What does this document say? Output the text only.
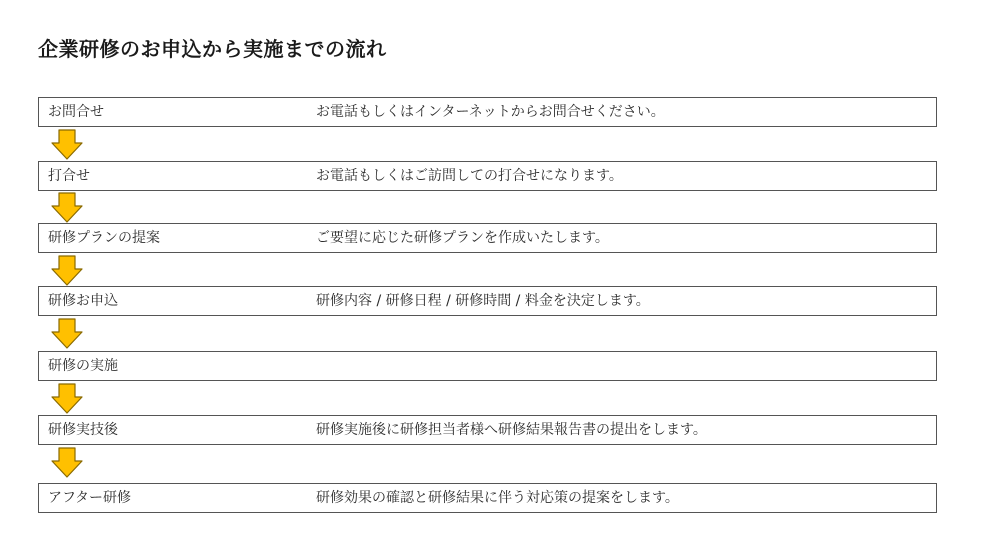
企業研修のお申込から実施までの流れ
お問合せ	お電話もしくはインターネットからお問合せください。
打合せ	お電話もしくはご訪問しての打合せになります。
研修プランの提案	ご要望に応じた研修プランを作成いたします。
研修お申込	研修内容 / 研修日程 / 研修時間 / 料金を決定します。
研修の実施
研修実技後	研修実施後に研修担当者様へ研修結果報告書の提出をします。
アフター研修	研修効果の確認と研修結果に伴う対応策の提案をします。
